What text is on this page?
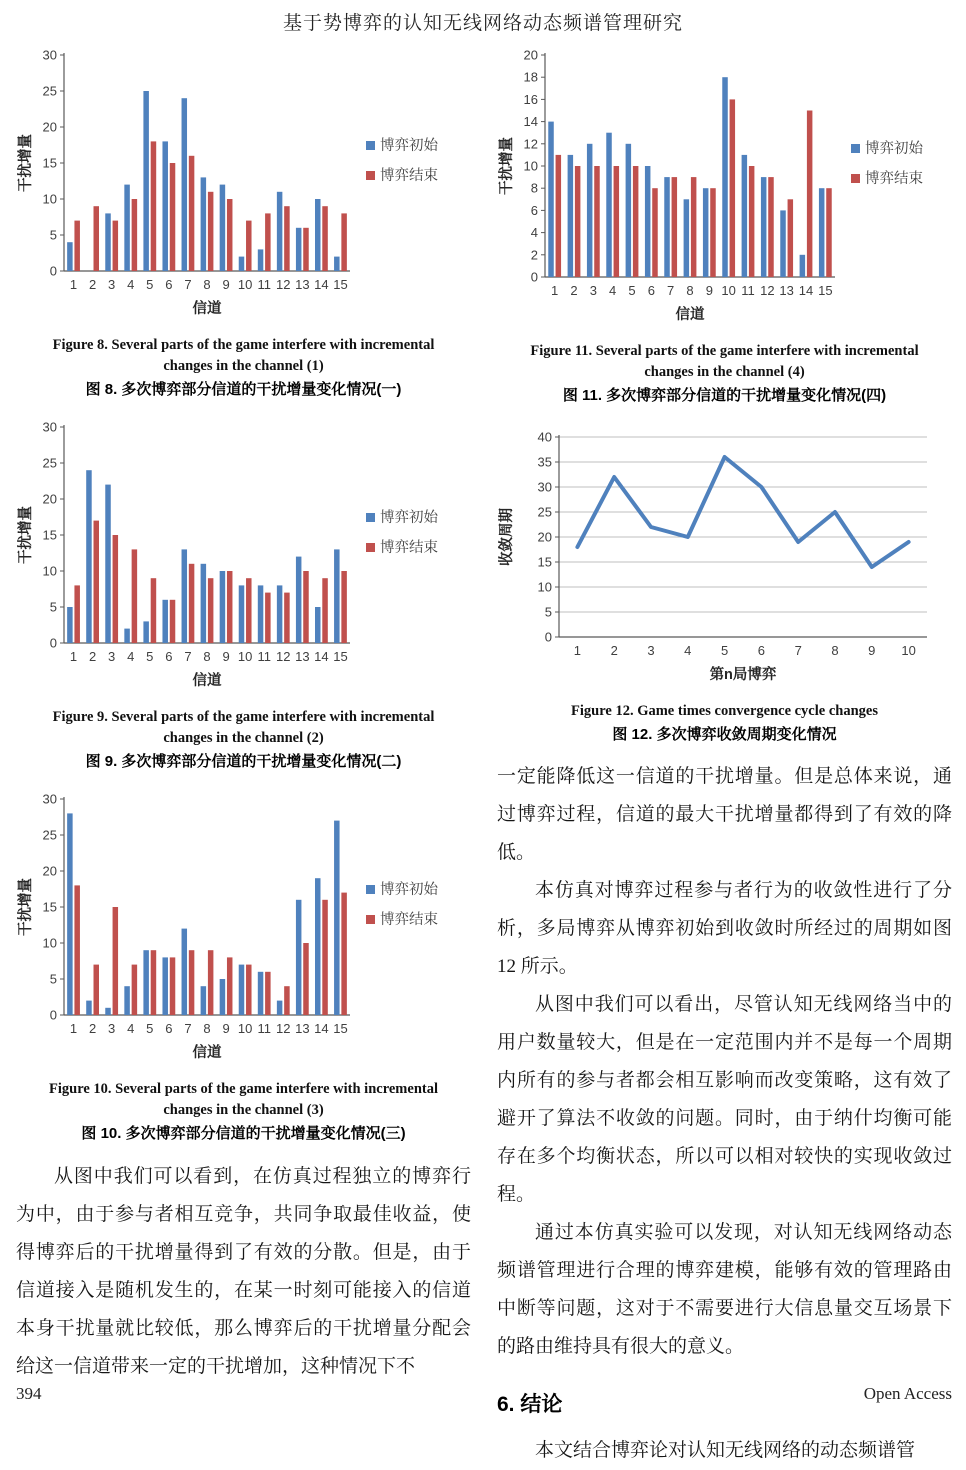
基于势博弈的认知无线网络动态频谱管理研究
0
5
10
15
20
25
30
1 2 3 4 5 6 7 8 9 10 11 12 13 14 15
博弈初始
博弈结束
信道
干扰增量
Figure 8. Several parts of the game interfere with incremental
changes in the channel (1)
图 8. 多次博弈部分信道的干扰增量变化情况(一)
0
5
10
15
20
25
30
1 2 3 4 5 6 7 8 9 10 11 12 13 14 15
博弈初始
博弈结束
信道
干扰增量
Figure 9. Several parts of the game interfere with incremental
changes in the channel (2)
图 9. 多次博弈部分信道的干扰增量变化情况(二)
0
5
10
15
20
25
30
1 2 3 4 5 6 7 8 9 10 11 12 13 14 15
博弈初始
博弈结束
信道
干扰增量
Figure 10. Several parts of the game interfere with incremental
changes in the channel (3)
图 10. 多次博弈部分信道的干扰增量变化情况(三)

从图中我们可以看到，在仿真过程独立的博弈行为中，由于参与者相互竞争，共同争取最佳收益，使得博弈后的干扰增量得到了有效的分散。但是，由于信道接入是随机发生的，在某一时刻可能接入的信道本身干扰量就比较低，那么博弈后的干扰增量分配会给这一信道带来一定的干扰增加，这种情况下不

0
2
4
6
8
10
12
14
16
18
20
1 2 3 4 5 6 7 8 9 10 11 12 13 14 15
博弈初始
博弈结束
信道
干扰增量
Figure 11. Several parts of the game interfere with incremental
changes in the channel (4)
图 11. 多次博弈部分信道的干扰增量变化情况(四)
0
5
10
15
20
25
30
35
40
1 2 3 4 5 6 7 8 9 10
第n局博弈
收敛周期
Figure 12. Game times convergence cycle changes
图 12. 多次博弈收敛周期变化情况

一定能降低这一信道的干扰增量。但是总体来说，通过博弈过程，信道的最大干扰增量都得到了有效的降低。

本仿真对博弈过程参与者行为的收敛性进行了分析，多局博弈从博弈初始到收敛时所经过的周期如图 12 所示。

从图中我们可以看出，尽管认知无线网络当中的用户数量较大，但是在一定范围内并不是每一个周期内所有的参与者都会相互影响而改变策略，这有效了避开了算法不收敛的问题。同时，由于纳什均衡可能存在多个均衡状态，所以可以相对较快的实现收敛过程。

通过本仿真实验可以发现，对认知无线网络动态频谱管理进行合理的博弈建模，能够有效的管理路由中断等问题，这对于不需要进行大信息量交互场景下的路由维持具有很大的意义。

6. 结论

本文结合博弈论对认知无线网络的动态频谱管

394	Open Access
